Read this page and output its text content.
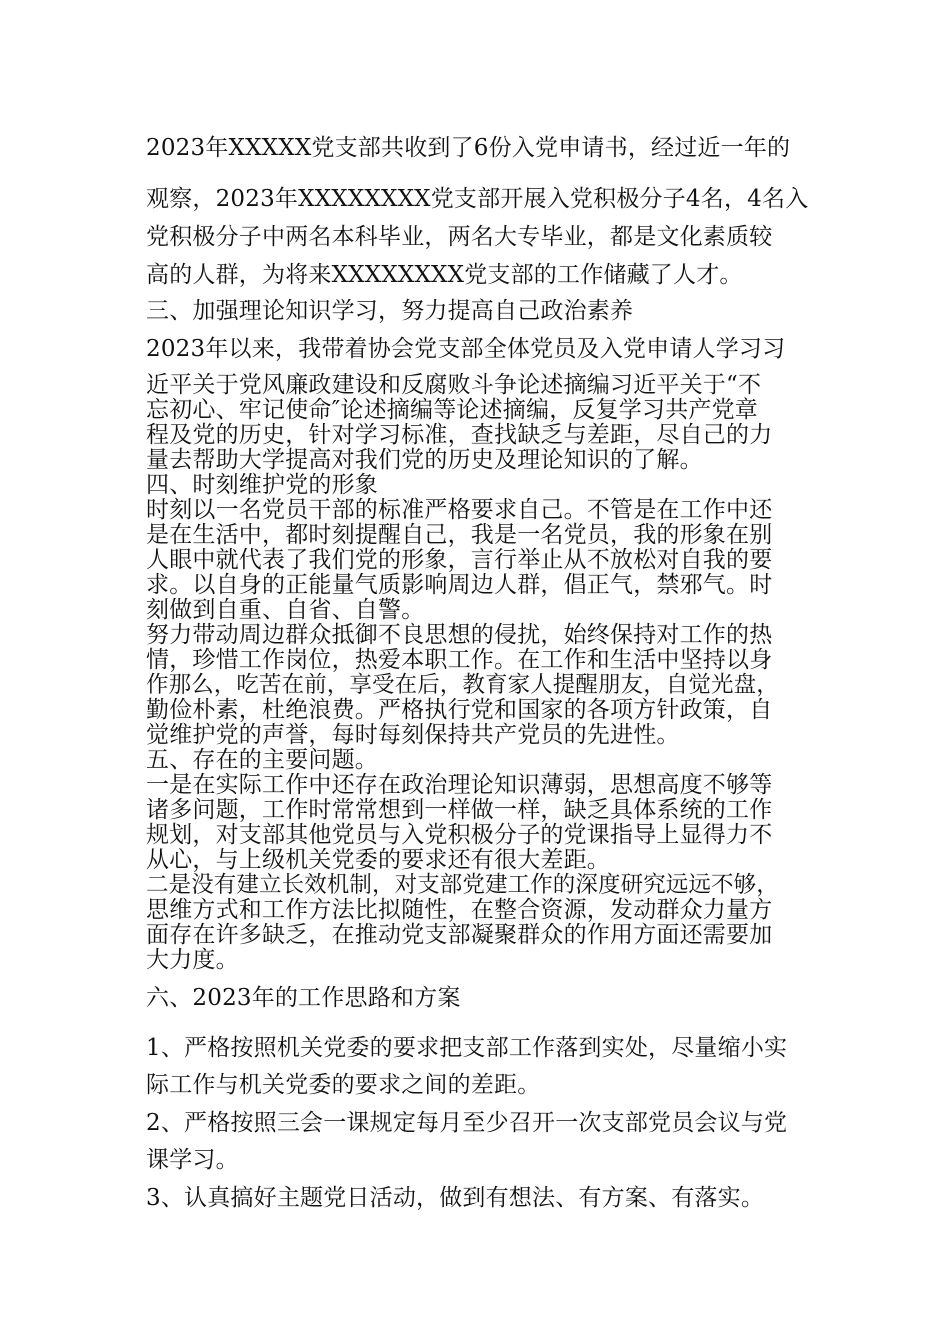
2023年XXXXX党支部共收到了6份入党申请书，经过近一年的
观察，2023年XXXXXXXX党支部开展入党积极分子4名，4名入
党积极分子中两名本科毕业，两名大专毕业，都是文化素质较
高的人群，为将来XXXXXXXX党支部的工作储藏了人才。
三、加强理论知识学习，努力提高自己政治素养
2023年以来，我带着协会党支部全体党员及入党申请人学习习
近平关于党风廉政建设和反腐败斗争论述摘编习近平关于“不
忘初心、牢记使命″论述摘编等论述摘编，反复学习共产党章
程及党的历史，针对学习标准，查找缺乏与差距，尽自己的力
量去帮助大学提高对我们党的历史及理论知识的了解。
四、时刻维护党的形象
时刻以一名党员干部的标准严格要求自己。不管是在工作中还
是在生活中，都时刻提醒自己，我是一名党员，我的形象在别
人眼中就代表了我们党的形象，言行举止从不放松对自我的要
求。以自身的正能量气质影响周边人群，倡正气，禁邪气。时
刻做到自重、自省、自警。
努力带动周边群众抵御不良思想的侵扰，始终保持对工作的热
情，珍惜工作岗位，热爱本职工作。在工作和生活中坚持以身
作那么，吃苦在前，享受在后，教育家人提醒朋友，自觉光盘，
勤俭朴素，杜绝浪费。严格执行党和国家的各项方针政策，自
觉维护党的声誉，每时每刻保持共产党员的先进性。
五、存在的主要问题。
一是在实际工作中还存在政治理论知识薄弱，思想高度不够等
诸多问题，工作时常常想到一样做一样，缺乏具体系统的工作
规划，对支部其他党员与入党积极分子的党课指导上显得力不
从心，与上级机关党委的要求还有很大差距。
二是没有建立长效机制，对支部党建工作的深度研究远远不够，
思维方式和工作方法比拟随性，在整合资源，发动群众力量方
面存在许多缺乏，在推动党支部凝聚群众的作用方面还需要加
大力度。
六、2023年的工作思路和方案
1、严格按照机关党委的要求把支部工作落到实处，尽量缩小实
际工作与机关党委的要求之间的差距。
2、严格按照三会一课规定每月至少召开一次支部党员会议与党
课学习。
3、认真搞好主题党日活动，做到有想法、有方案、有落实。
